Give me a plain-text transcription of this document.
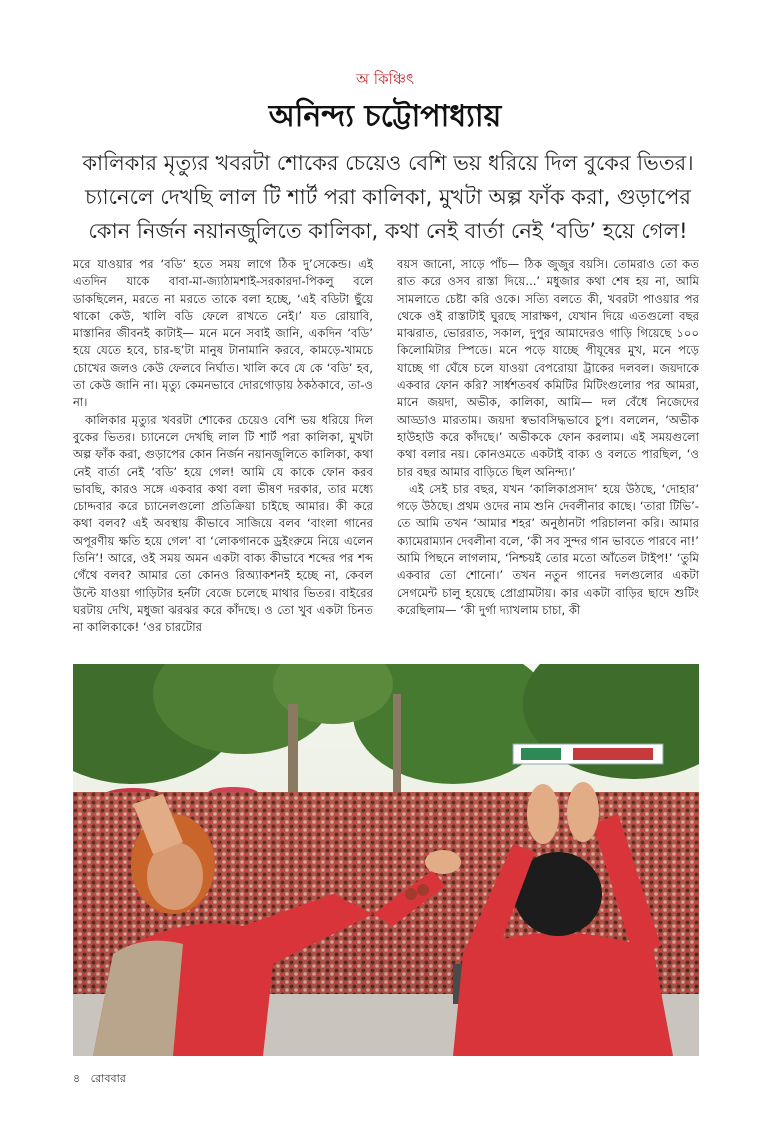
অ কিঞ্চিৎ
অনিন্দ্য চট্টোপাধ্যায়
কালিকার মৃত্যুর খবরটা শোকের চেয়েও বেশি ভয় ধরিয়ে দিল বুকের ভিতর। চ্যানেলে দেখছি লাল টি শার্ট পরা কালিকা, মুখটা অল্প ফাঁক করা, গুড়াপের কোন নির্জন নয়ানজুলিতে কালিকা, কথা নেই বার্তা নেই ‘বডি’ হয়ে গেল!

মরে যাওয়ার পর ‘বডি’ হতে সময় লাগে ঠিক দু’সেকেন্ড। এই এতদিন যাকে বাবা-মা-জ্যাঠামশাই-সরকারদা-পিকলু বলে ডাকছিলেন, মরতে না মরতে তাকে বলা হচ্ছে, ‘এই বডিটা ছুঁয়ে থাকো কেউ, খালি বডি ফেলে রাখতে নেই।’ যত রোয়াবি, মাস্তানির জীবনই কাটাই— মনে মনে সবাই জানি, একদিন ‘বডি’ হয়ে যেতে হবে, চার-ছ’টা মানুষ টানামানি করবে, কামড়ে-খামচে চোখের জলও কেউ ফেলবে নির্ঘাত। খালি কবে যে কে ‘বডি’ হব, তা কেউ জানি না। মৃত্যু কেমনভাবে দোরগোড়ায় ঠকঠকাবে, তা-ও না।

কালিকার মৃত্যুর খবরটা শোকের চেয়েও বেশি ভয় ধরিয়ে দিল বুকের ভিতর। চ্যানেলে দেখছি লাল টি শার্ট পরা কালিকা, মুখটা অল্প ফাঁক করা, গুড়াপের কোন নির্জন নয়ানজুলিতে কালিকা, কথা নেই বার্তা নেই ‘বডি’ হয়ে গেল! আমি যে কাকে ফোন করব ভাবছি, কারও সঙ্গে একবার কথা বলা ভীষণ দরকার, তার মধ্যে চোদ্দবার করে চ্যানেলগুলো প্রতিক্রিয়া চাইছে আমার। কী করে কথা বলব? এই অবস্থায় কীভাবে সাজিয়ে বলব ‘বাংলা গানের অপূরণীয় ক্ষতি হয়ে গেল’ বা ‘লোকগানকে ড্রইংরুমে নিয়ে এলেন তিনি’! আরে, ওই সময় অমন একটা বাক্য কীভাবে শব্দের পর শব্দ গেঁথে বলব? আমার তো কোনও রিঅ্যাকশনই হচ্ছে না, কেবল উল্টে যাওয়া গাড়িটার হর্নটা বেজে চলেছে মাথার ভিতর। বাইরের ঘরটায় দেখি, মধুজা ঝরঝর করে কাঁদছে। ও তো খুব একটা চিনত না কালিকাকে! ‘ওর চারটাের

বয়স জানো, সাড়ে পাঁচ— ঠিক জুজুর বয়সি। তোমরাও তো কত রাত করে ওসব রাস্তা দিয়ে...’ মধুজার কথা শেষ হয় না, আমি সামলাতে চেষ্টা করি ওকে। সত্যি বলতে কী, খবরটা পাওয়ার পর থেকে ওই রাস্তাটাই ঘুরছে সারাক্ষণ, যেখান দিয়ে এতগুলো বছর মাঝরাত, ভোররাত, সকাল, দুপুর আমাদেরও গাড়ি গিয়েছে ১০০ কিলোমিটার স্পিডে। মনে পড়ে যাচ্ছে পীযূষের মুখ, মনে পড়ে যাচ্ছে গা ঘেঁষে চলে যাওয়া বেপরোয়া ট্রাকের দলবল। জয়দাকে একবার ফোন করি? সার্ধশতবর্ষ কমিটির মিটিংগুলোর পর আমরা, মানে জয়দা, অভীক, কালিকা, আমি— দল বেঁধে নিজেদের আড্ডাও মারতাম। জয়দা স্বভাবসিদ্ধভাবে চুপ। বললেন, ‘অভীক হাউহাউ করে কাঁদছে।’ অভীককে ফোন করলাম। এই সময়গুলো কথা বলার নয়। কোনওমতে একটাই বাক্য ও বলতে পারছিল, ‘ও চার বছর আমার বাড়িতে ছিল অনিন্দ্য।’

এই সেই চার বছর, যখন ‘কালিকাপ্রসাদ’ হয়ে উঠছে, ‘দোহার’ গড়ে উঠছে। প্রথম ওদের নাম শুনি দেবলীনার কাছে। ‘তারা টিভি’-তে আমি তখন ‘আমার শহর’ অনুষ্ঠানটা পরিচালনা করি। আমার ক্যামেরাম্যান দেবলীনা বলে, ‘কী সব সুন্দর গান ভাবতে পারবে না!’ আমি পিছনে লাগলাম, ‘নিশ্চয়ই তোর মতো আঁতেল টাইপ!’ ‘তুমি একবার তো শোনো।’ তখন নতুন গানের দলগুলোর একটা সেগমেন্ট চালু হয়েছে প্রোগ্রামটায়। কার একটা বাড়ির ছাদে শুটিং করেছিলাম— ‘কী দুর্গা দ্যাখলাম চাচা, কী

৪ রোববার
